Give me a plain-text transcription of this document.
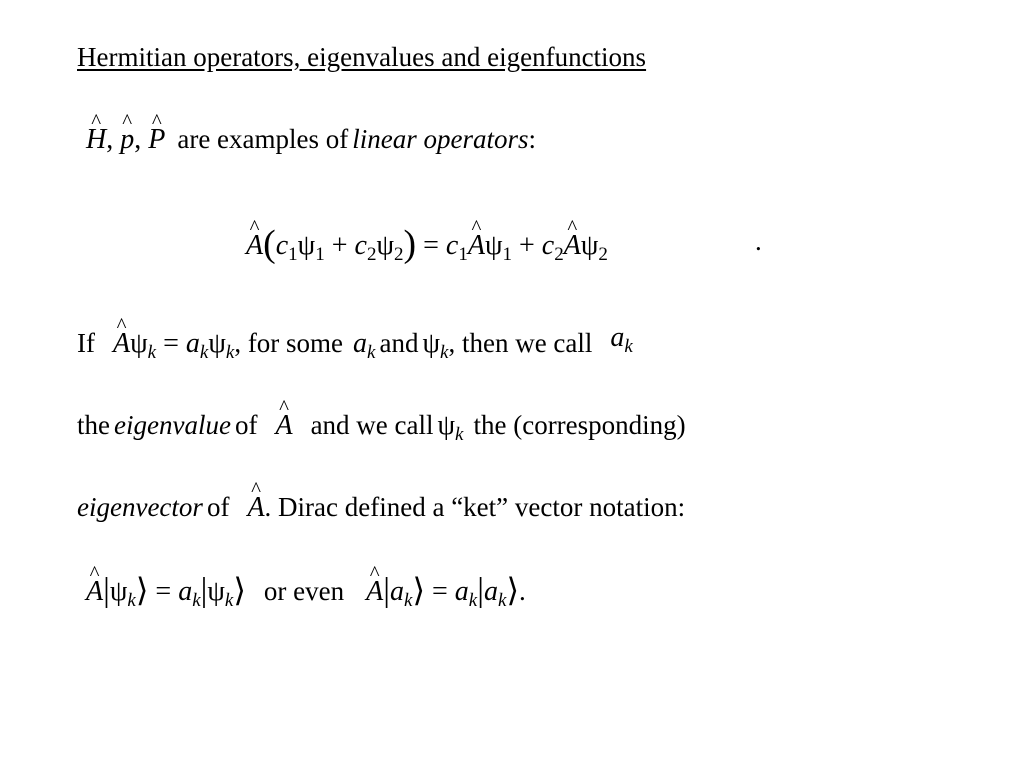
Hermitian operators, eigenvalues and eigenfunctions
^ H, ^ p, ^ P are examples of linear operators:
^ $A(c_1\psi_1 + c_2\psi_2)$ = $c_1\^{}$ $A\psi_1$ + $c_2\^{}$ $A\psi_2$	.
If ^ $A\psi_k = a_k\psi_k$, for some $a_k$ and $\psi_k$, then we call $a_k$
the eigenvalue of ^ A and we call $\psi_k$ the (corresponding)
eigenvector of ^ A. Dirac defined a “ket” vector notation:
^ $A|\psi_k⟩$ = $a_k|\psi_k⟩$ or even ^ $A|a_k⟩$ = $a_k|a_k⟩$.
